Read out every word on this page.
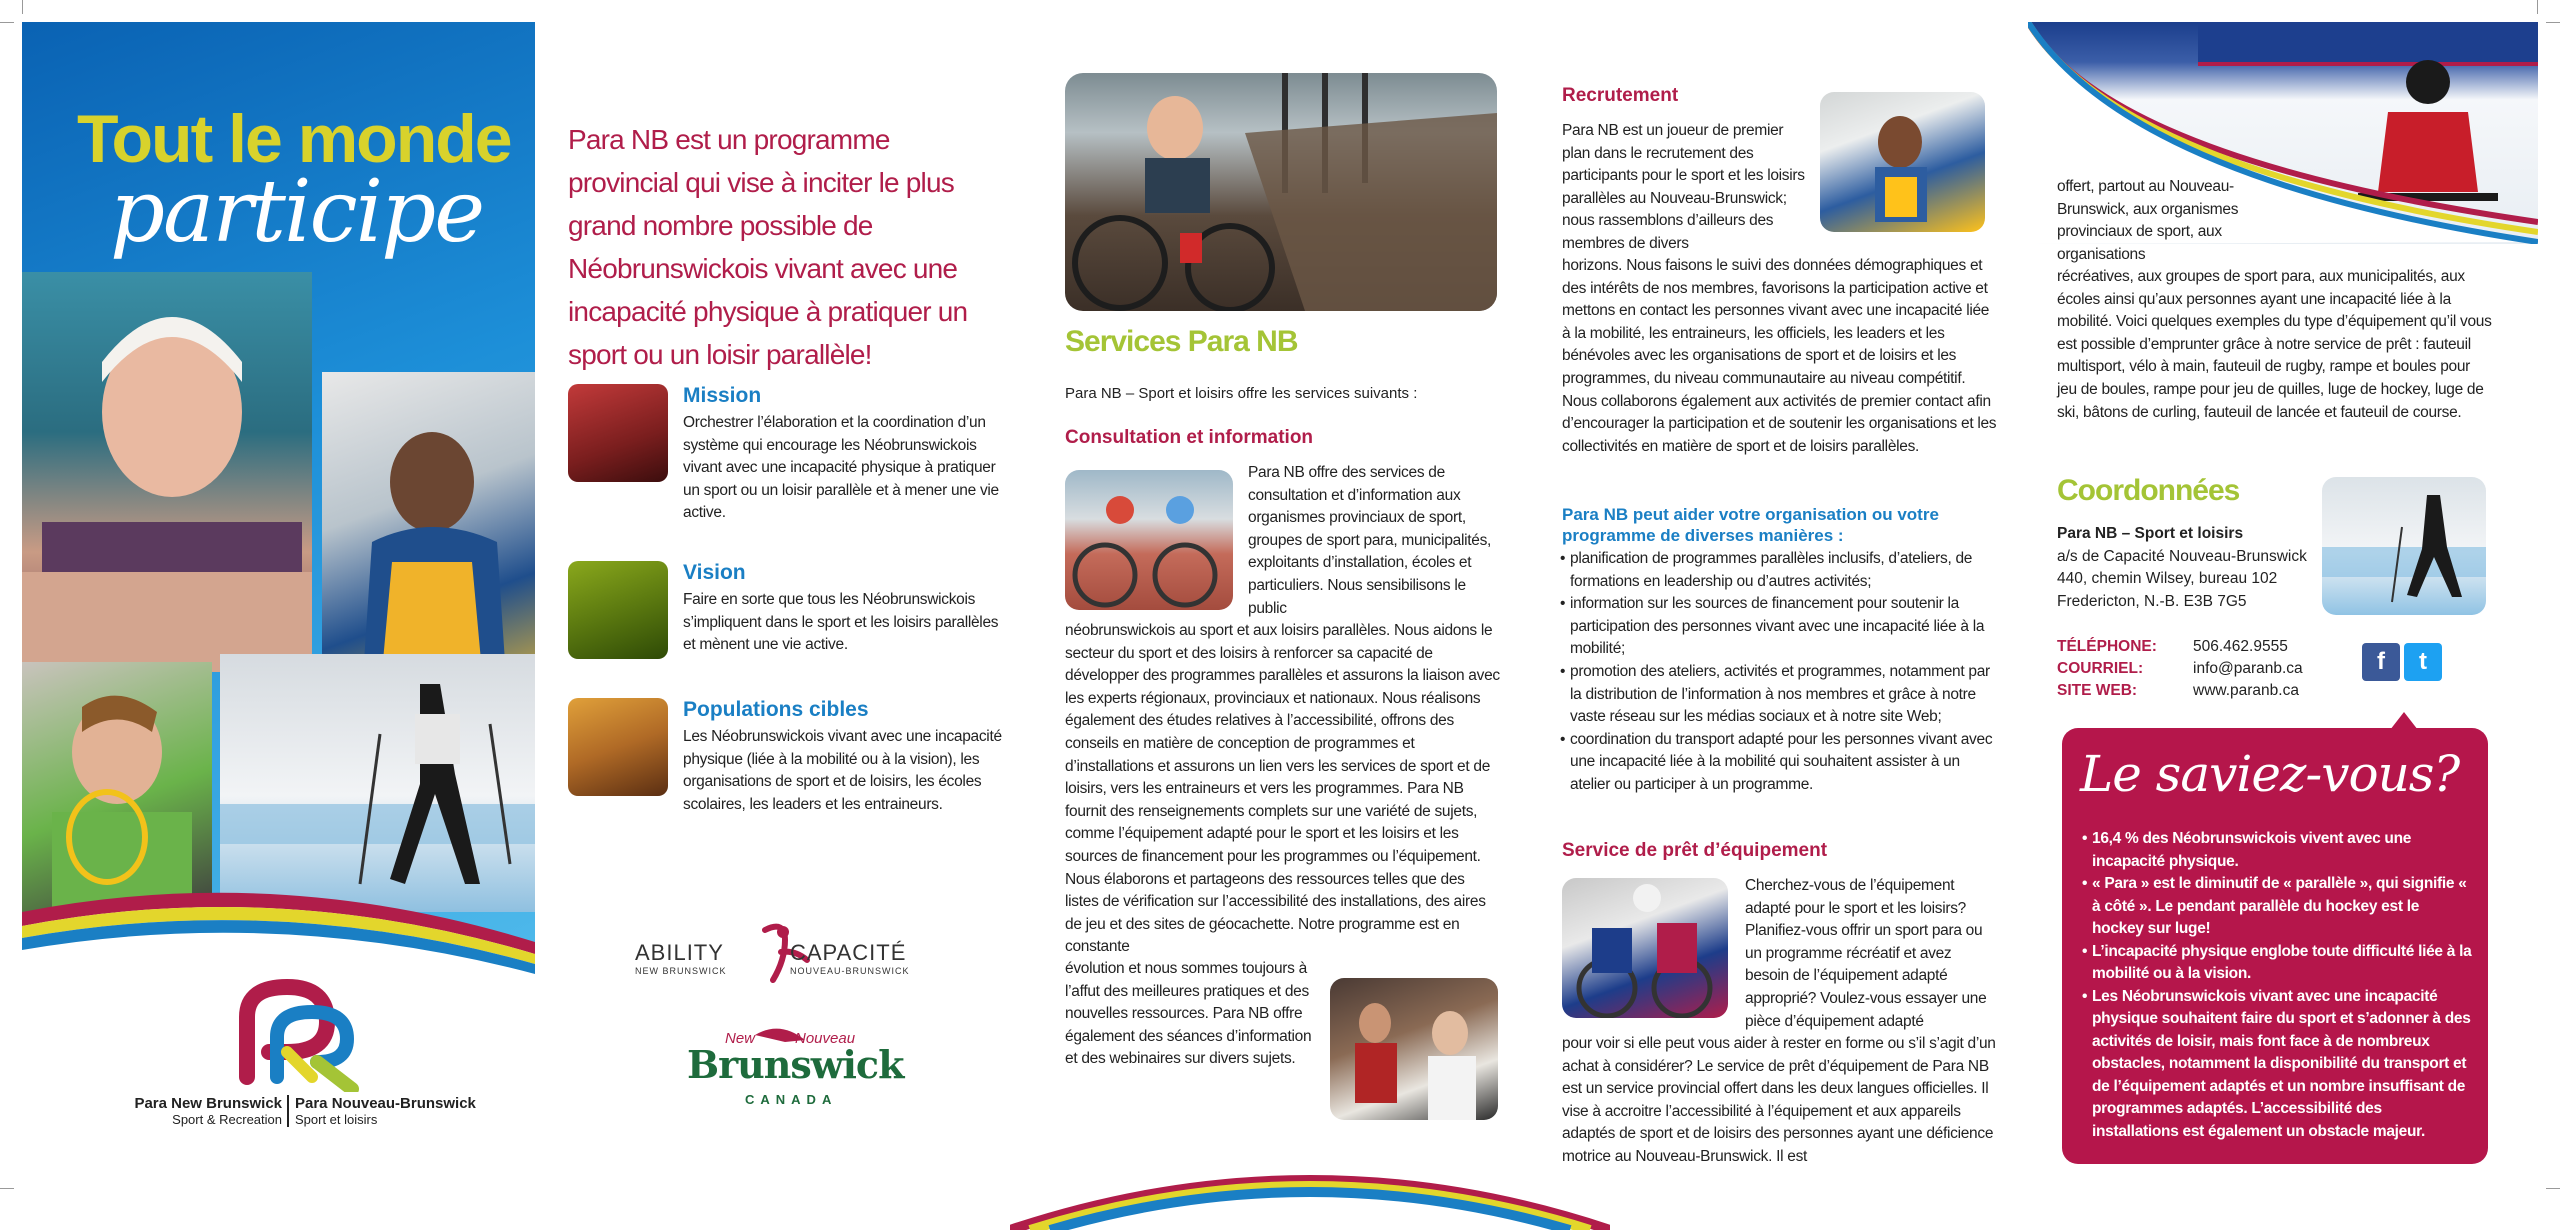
Tout le monde
participe
Para New Brunswick
Sport & Recreation
Para Nouveau-Brunswick
Sport et loisirs
Para NB est un programme provincial qui vise à inciter le plus grand nombre possible de Néobrunswickois vivant avec une incapacité physique à pratiquer un sport ou un loisir parallèle!
Mission
Orchestrer l’élaboration et la coordination d’un système qui encourage les Néobrunswickois vivant avec une incapacité physique à pratiquer un sport ou un loisir parallèle et à mener une vie active.
Vision
Faire en sorte que tous les Néobrunswickois s’impliquent dans le sport et les loisirs parallèles et mènent une vie active.
Populations cibles
Les Néobrunswickois vivant avec une incapacité physique (liée à la mobilité ou à la vision), les organisations de sport et de loisirs, les écoles scolaires, les leaders et les entraineurs.
ABILITY
NEW BRUNSWICK
CAPACITÉ
NOUVEAU-BRUNSWICK
New	Nouveau
Brunswick
CANADA
Services Para NB
Para NB – Sport et loisirs offre les services suivants :
Consultation et information
Para NB offre des services de consultation et d’information aux organismes provinciaux de sport, groupes de sport para, municipalités, exploitants d’installation, écoles et particuliers. Nous sensibilisons le public
néobrunswickois au sport et aux loisirs parallèles. Nous aidons le secteur du sport et des loisirs à renforcer sa capacité de développer des programmes parallèles et assurons la liaison avec les experts régionaux, provinciaux et nationaux. Nous réalisons également des études relatives à l’accessibilité, offrons des conseils en matière de conception de programmes et d’installations et assurons un lien vers les services de sport et de loisirs, vers les entraineurs et vers les programmes. Para NB fournit des renseignements complets sur une variété de sujets, comme l’équipement adapté pour le sport et les loisirs et les sources de financement pour les programmes ou l’équipement. Nous élaborons et partageons des ressources telles que des listes de vérification sur l’accessibilité des installations, des aires de jeu et des sites de géocachette. Notre programme est en constante
évolution et nous sommes toujours à l’affut des meilleures pratiques et des nouvelles ressources. Para NB offre également des séances d’information et des webinaires sur divers sujets.
Recrutement
Para NB est un joueur de premier plan dans le recrutement des participants pour le sport et les loisirs parallèles au Nouveau-Brunswick; nous rassemblons d’ailleurs des membres de divers
horizons. Nous faisons le suivi des données démographiques et des intérêts de nos membres, favorisons la participation active et mettons en contact les personnes vivant avec une incapacité liée à la mobilité, les entraineurs, les officiels, les leaders et les bénévoles avec les organisations de sport et de loisirs et les programmes, du niveau communautaire au niveau compétitif. Nous collaborons également aux activités de premier contact afin d’encourager la participation et de soutenir les organisations et les collectivités en matière de sport et de loisirs parallèles.
Para NB peut aider votre organisation ou votre programme de diverses manières :
• planification de programmes parallèles inclusifs, d’ateliers, de formations en leadership ou d’autres activités;
• information sur les sources de financement pour soutenir la participation des personnes vivant avec une incapacité liée à la mobilité;
• promotion des ateliers, activités et programmes, notamment par la distribution de l’information à nos membres et grâce à notre vaste réseau sur les médias sociaux et à notre site Web;
• coordination du transport adapté pour les personnes vivant avec une incapacité liée à la mobilité qui souhaitent assister à un atelier ou participer à un programme.
Service de prêt d’équipement
Cherchez-vous de l’équipement adapté pour le sport et les loisirs? Planifiez-vous offrir un sport para ou un programme récréatif et avez besoin de l’équipement adapté approprié? Voulez-vous essayer une pièce d’équipement adapté
pour voir si elle peut vous aider à rester en forme ou s’il s’agit d’un achat à considérer? Le service de prêt d’équipement de Para NB est un service provincial offert dans les deux langues officielles. Il vise à accroitre l’accessibilité à l’équipement et aux appareils adaptés de sport et de loisirs des personnes ayant une déficience motrice au Nouveau-Brunswick. Il est
offert, partout au Nouveau-Brunswick, aux organismes provinciaux de sport, aux organisations
récréatives, aux groupes de sport para, aux municipalités, aux écoles ainsi qu’aux personnes ayant une incapacité liée à la mobilité. Voici quelques exemples du type d’équipement qu’il vous est possible d’emprunter grâce à notre service de prêt : fauteuil multisport, vélo à main, fauteuil de rugby, rampe et boules pour jeu de boules, rampe pour jeu de quilles, luge de hockey, luge de ski, bâtons de curling, fauteuil de lancée et fauteuil de course.
Coordonnées
Para NB – Sport et loisirs
a/s de Capacité Nouveau-Brunswick
440, chemin Wilsey, bureau 102
Fredericton, N.-B. E3B 7G5
TÉLÉPHONE:	506.462.9555
COURRIEL:	info@paranb.ca
SITE WEB:	www.paranb.ca
f	t
Le saviez-vous?
• 16,4 % des Néobrunswickois vivent avec une incapacité physique.
• « Para » est le diminutif de « parallèle », qui signifie « à côté ». Le pendant parallèle du hockey est le hockey sur luge!
• L’incapacité physique englobe toute difficulté liée à la mobilité ou à la vision.
• Les Néobrunswickois vivant avec une incapacité physique souhaitent faire du sport et s’adonner à des activités de loisir, mais font face à de nombreux obstacles, notamment la disponibilité du transport et de l’équipement adaptés et un nombre insuffisant de programmes adaptés. L’accessibilité des installations est également un obstacle majeur.
